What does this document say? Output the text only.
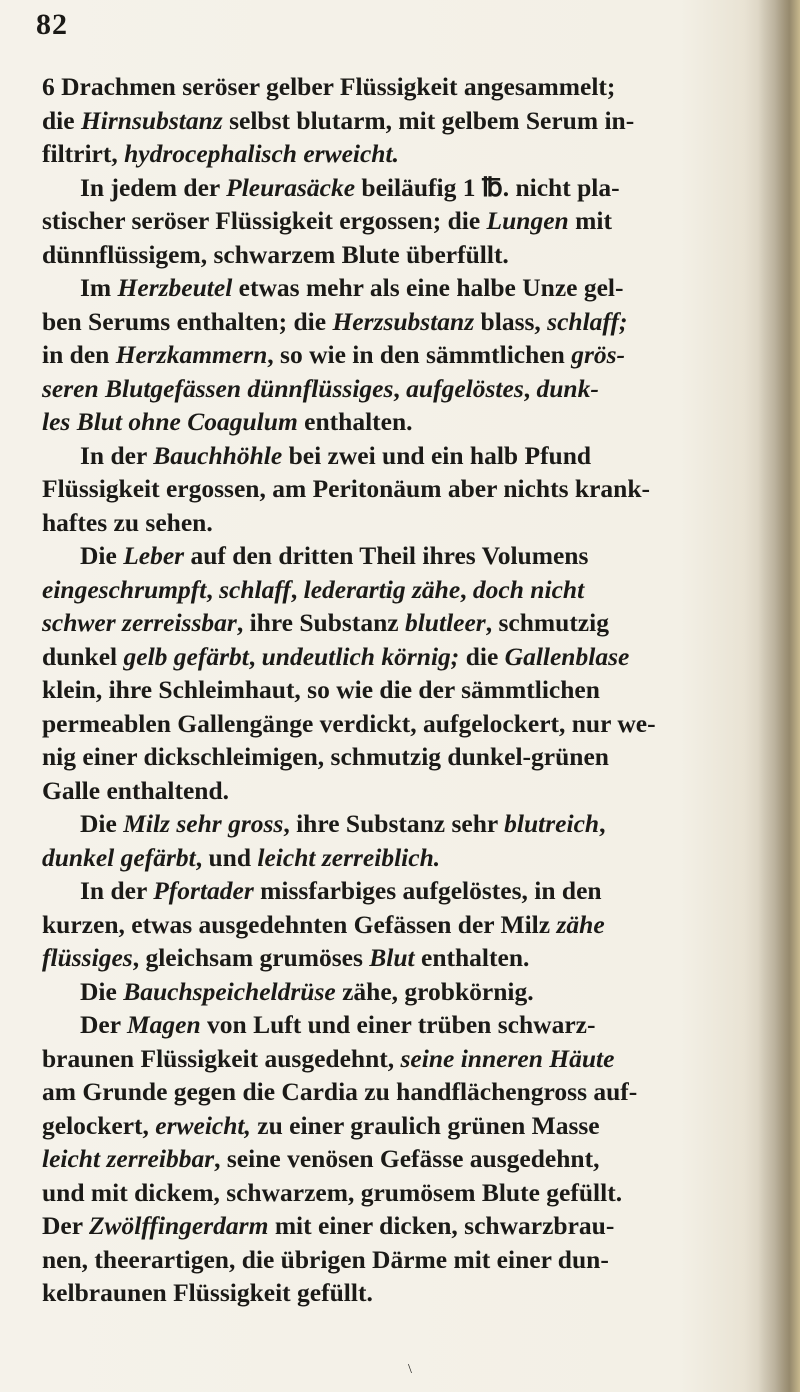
82
6 Drachmen seröser gelber Flüssigkeit angesammelt;
die Hirnsubstanz selbst blutarm, mit gelbem Serum in-
filtrirt, hydrocephalisch erweicht.
In jedem der Pleurasäcke beiläufig 1 ℔. nicht pla-
stischer seröser Flüssigkeit ergossen; die Lungen mit
dünnflüssigem, schwarzem Blute überfüllt.
Im Herzbeutel etwas mehr als eine halbe Unze gel-
ben Serums enthalten; die Herzsubstanz blass, schlaff;
in den Herzkammern, so wie in den sämmtlichen grös-
seren Blutgefässen dünnflüssiges, aufgelöstes, dunk-
les Blut ohne Coagulum enthalten.
In der Bauchhöhle bei zwei und ein halb Pfund
Flüssigkeit ergossen, am Peritonäum aber nichts krank-
haftes zu sehen.
Die Leber auf den dritten Theil ihres Volumens
eingeschrumpft, schlaff, lederartig zähe, doch nicht
schwer zerreissbar, ihre Substanz blutleer, schmutzig
dunkel gelb gefärbt, undeutlich körnig; die Gallenblase
klein, ihre Schleimhaut, so wie die der sämmtlichen
permeablen Gallengänge verdickt, aufgelockert, nur we-
nig einer dickschleimigen, schmutzig dunkel-grünen
Galle enthaltend.
Die Milz sehr gross, ihre Substanz sehr blutreich,
dunkel gefärbt, und leicht zerreiblich.
In der Pfortader missfarbiges aufgelöstes, in den
kurzen, etwas ausgedehnten Gefässen der Milz zähe
flüssiges, gleichsam grumöses Blut enthalten.
Die Bauchspeicheldrüse zähe, grobkörnig.
Der Magen von Luft und einer trüben schwarz-
braunen Flüssigkeit ausgedehnt, seine inneren Häute
am Grunde gegen die Cardia zu handflächengross auf-
gelockert, erweicht, zu einer graulich grünen Masse
leicht zerreibbar, seine venösen Gefässe ausgedehnt,
und mit dickem, schwarzem, grumösem Blute gefüllt.
Der Zwölffingerdarm mit einer dicken, schwarzbrau-
nen, theerartigen, die übrigen Därme mit einer dun-
kelbraunen Flüssigkeit gefüllt.
\
